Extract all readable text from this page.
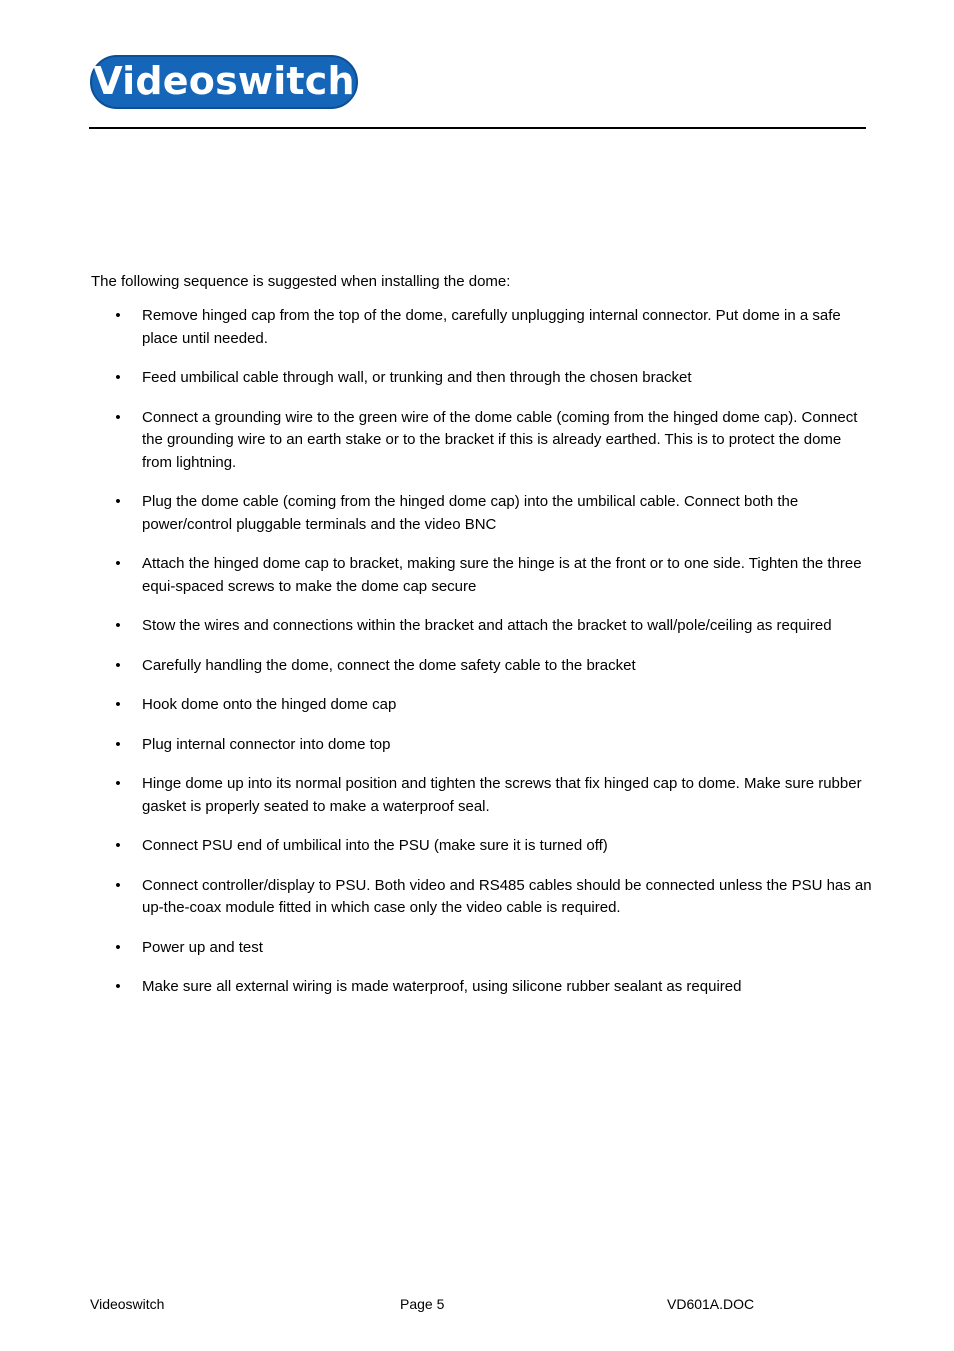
Videoswitch

The following sequence is suggested when installing the dome:

• Remove hinged cap from the top of the dome, carefully unplugging internal connector. Put dome in a safe place until needed.
• Feed umbilical cable through wall, or trunking and then through the chosen bracket
• Connect a grounding wire to the green wire of the dome cable (coming from the hinged dome cap). Connect the grounding wire to an earth stake or to the bracket if this is already earthed. This is to protect the dome from lightning.
• Plug the dome cable (coming from the hinged dome cap) into the umbilical cable. Connect both the power/control pluggable terminals and the video BNC
• Attach the hinged dome cap to bracket, making sure the hinge is at the front or to one side. Tighten the three equi-spaced screws to make the dome cap secure
• Stow the wires and connections within the bracket and attach the bracket to wall/pole/ceiling as required
• Carefully handling the dome, connect the dome safety cable to the bracket
• Hook dome onto the hinged dome cap
• Plug internal connector into dome top
• Hinge dome up into its normal position and tighten the screws that fix hinged cap to dome. Make sure rubber gasket is properly seated to make a waterproof seal.
• Connect PSU end of umbilical into the PSU (make sure it is turned off)
• Connect controller/display to PSU. Both video and RS485 cables should be connected unless the PSU has an up-the-coax module fitted in which case only the video cable is required.
• Power up and test
• Make sure all external wiring is made waterproof, using silicone rubber sealant as required
Videoswitch	Page 5	VD601A.DOC
